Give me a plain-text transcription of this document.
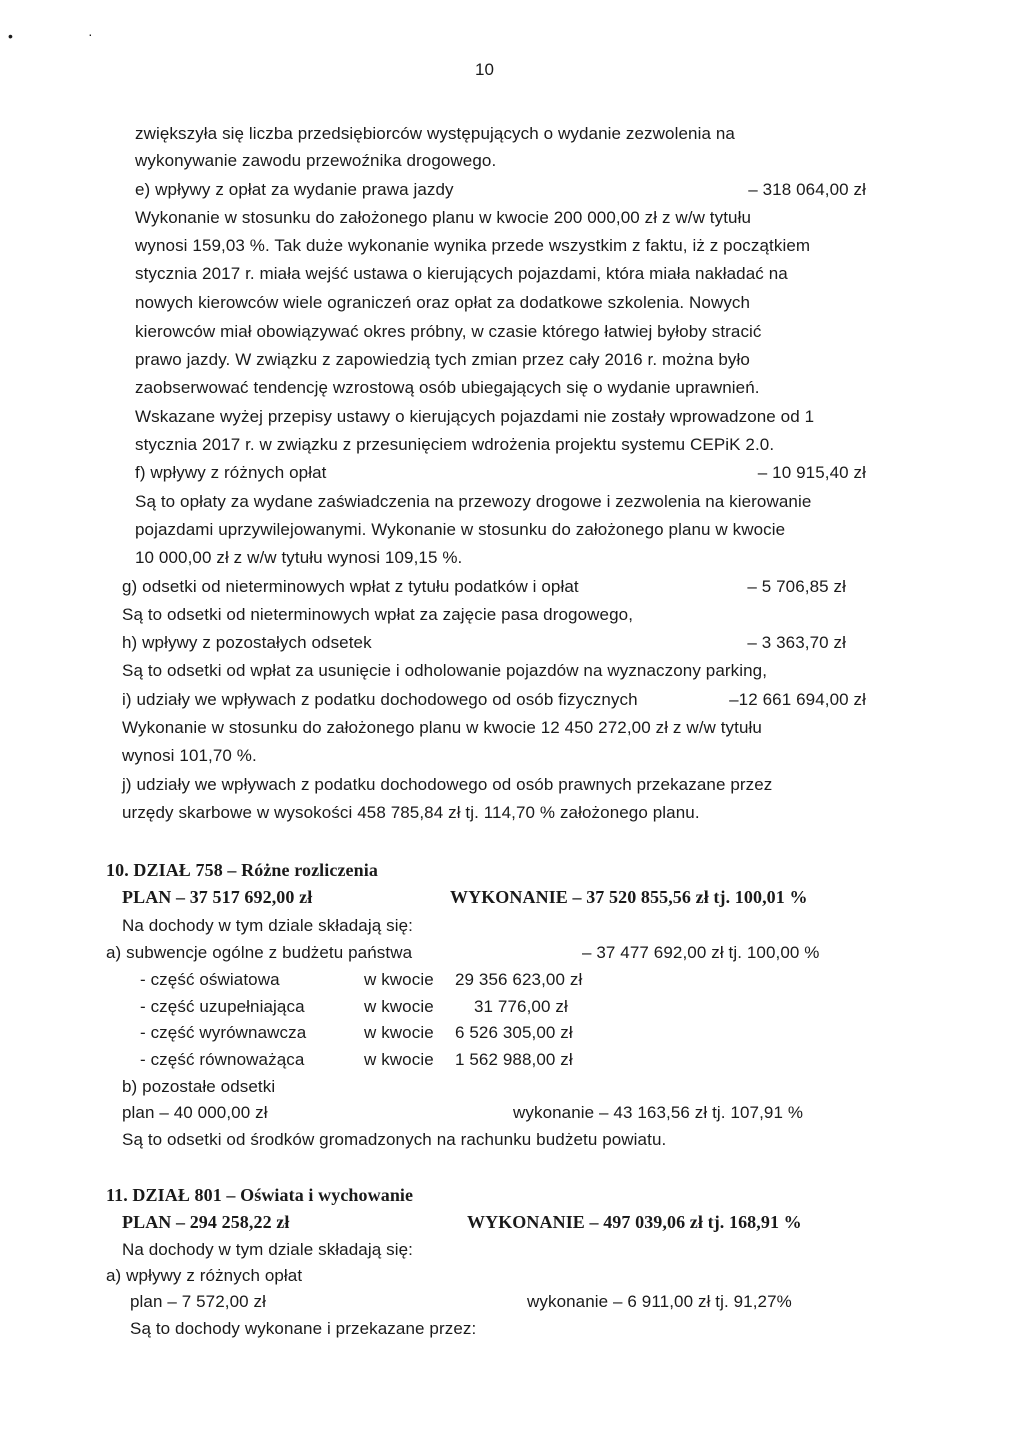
•	·
10
zwiększyła się liczba przedsiębiorców występujących o wydanie zezwolenia na
wykonywanie zawodu przewoźnika drogowego.
e) wpływy z opłat za wydanie prawa jazdy	– 318 064,00 zł
Wykonanie w stosunku do założonego planu w kwocie 200 000,00 zł z w/w tytułu
wynosi 159,03 %. Tak duże wykonanie wynika przede wszystkim z faktu, iż z początkiem
stycznia 2017 r. miała wejść ustawa o kierujących pojazdami, która miała nakładać na
nowych kierowców wiele ograniczeń oraz opłat za dodatkowe szkolenia. Nowych
kierowców miał obowiązywać okres próbny, w czasie którego łatwiej byłoby stracić
prawo jazdy. W związku z zapowiedzią tych zmian przez cały 2016 r. można było
zaobserwować tendencję wzrostową osób ubiegających się o wydanie uprawnień.
Wskazane wyżej przepisy ustawy o kierujących pojazdami nie zostały wprowadzone od 1
stycznia 2017 r. w związku z przesunięciem wdrożenia projektu systemu CEPiK 2.0.
f) wpływy z różnych opłat	– 10 915,40 zł
Są to opłaty za wydane zaświadczenia na przewozy drogowe i zezwolenia na kierowanie
pojazdami uprzywilejowanymi. Wykonanie w stosunku do założonego planu w kwocie
10 000,00 zł z w/w tytułu wynosi 109,15 %.
g) odsetki od nieterminowych wpłat z tytułu podatków i opłat	– 5 706,85 zł
Są to odsetki od nieterminowych wpłat za zajęcie pasa drogowego,
h) wpływy z pozostałych odsetek	– 3 363,70 zł
Są to odsetki od wpłat za usunięcie i odholowanie pojazdów na wyznaczony parking,
i) udziały we wpływach z podatku dochodowego od osób fizycznych	–12 661 694,00 zł
Wykonanie w stosunku do założonego planu w kwocie 12 450 272,00 zł z w/w tytułu
wynosi 101,70 %.
j) udziały we wpływach z podatku dochodowego od osób prawnych przekazane przez
urzędy skarbowe w wysokości 458 785,84 zł tj. 114,70 % założonego planu.
10. DZIAŁ 758 – Różne rozliczenia
PLAN – 37 517 692,00 zł	WYKONANIE – 37 520 855,56 zł tj. 100,01 %
Na dochody w tym dziale składają się:
a) subwencje ogólne z budżetu państwa	– 37 477 692,00 zł tj. 100,00 %
- część oświatowa	w kwocie 29 356 623,00 zł
- część uzupełniająca	w kwocie 31 776,00 zł
- część wyrównawcza	w kwocie 6 526 305,00 zł
- część równoważąca	w kwocie 1 562 988,00 zł
b) pozostałe odsetki
plan – 40 000,00 zł	wykonanie – 43 163,56 zł tj. 107,91 %
Są to odsetki od środków gromadzonych na rachunku budżetu powiatu.
11. DZIAŁ 801 – Oświata i wychowanie
PLAN – 294 258,22 zł	WYKONANIE – 497 039,06 zł tj. 168,91 %
Na dochody w tym dziale składają się:
a) wpływy z różnych opłat
plan – 7 572,00 zł	wykonanie – 6 911,00 zł tj. 91,27%
Są to dochody wykonane i przekazane przez:
